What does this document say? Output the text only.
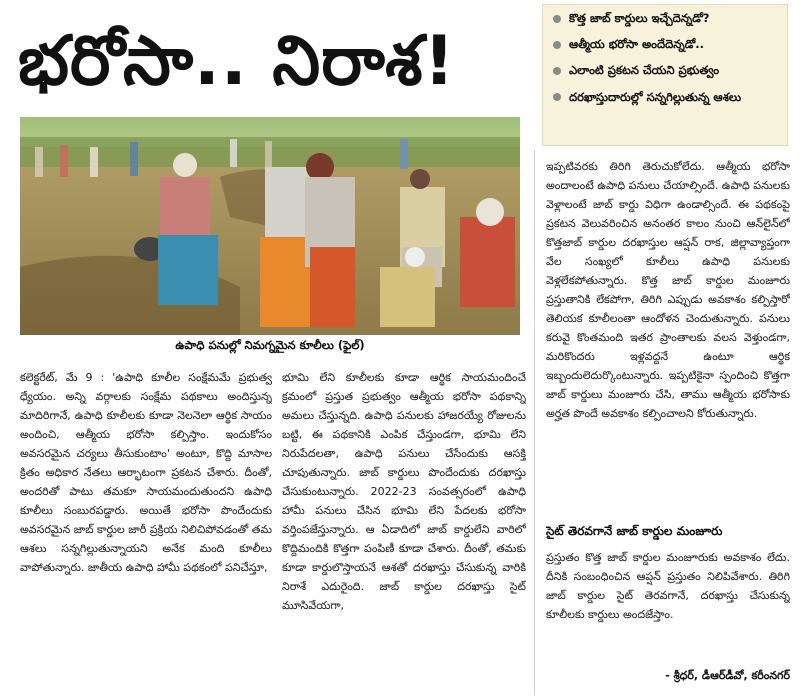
భరోసా.. నిరాశ!
కొత్త జాబ్ కార్డులు ఇచ్చేదెన్నడో?
ఆత్మీయ భరోసా అందేదెన్నడో..
ఎలాంటి ప్రకటన చేయని ప్రభుత్వం
దరఖాస్తుదారుల్లో సన్నగిల్లుతున్న ఆశలు
ఉపాధి పనుల్లో నిమగ్నమైన కూలీలు (ఫైల్)

కలెక్టరేట్, మే 9 : 'ఉపాధి కూలీల సంక్షేమమే ప్రభుత్వ ధ్యేయం. అన్ని వర్గాలకు సంక్షేమ పథకాలు అందిస్తున్న మాదిరిగానే, ఉపాధి కూలీలకు కూడా నెలనెలా ఆర్థిక సాయం అందించి, ఆత్మీయ భరోసా కల్పిస్తాం. ఇందుకోసం అవసరమైన చర్యలు తీసుకుంటాం' అంటూ, కొద్ది మాసాల క్రితం అధికార నేతలు ఆర్భాటంగా ప్రకటన చేశారు. దీంతో, అందరితో పాటు తమకూ సాయమందుతుందని ఉపాధి కూలీలు సంబురపడ్డారు. అయితే భరోసా పొందేందుకు అవసరమైన జాబ్ కార్డుల జారీ ప్రక్రియ నిలిచిపోవడంతో తమ ఆశలు సన్నగిల్లుతున్నాయని అనేక మంది కూలీలు వాపోతున్నారు. జాతీయ ఉపాధి హామీ పథకంలో పనిచేస్తూ,

భూమి లేని కూలీలకు కూడా ఆర్థిక సాయమందించే క్రమంలో ప్రస్తుత ప్రభుత్వం ఆత్మీయ భరోసా పథకాన్ని అమలు చేస్తున్నది. ఉపాధి పనులకు హాజరయ్యే రోజులను బట్టి, ఈ పథకానికి ఎంపిక చేస్తుండగా, భూమి లేని నిరుపేదలతా, ఉపాధి పనులు చేసేందుకు ఆసక్తి చూపుతున్నారు. జాబ్ కార్డులు పొందేందుకు దరఖాస్తు చేసుకుంటున్నారు. 2022-23 సంవత్సరంలో ఉపాధి హామీ పనులు చేసిన భూమి లేని పేదలకు భరోసా వర్తింపజేస్తున్నారు. ఆ ఏడాదిలో జాబ్ కార్డులేని వారిలో కొద్దిమందికి కొత్తగా పంపిణీ కూడా చేశారు. దీంతో, తమకు కూడా కార్డులొస్తాయనే ఆశతో దరఖాస్తు చేసుకున్న వారికి నిరాశే ఎదురైంది. జాబ్ కార్డుల దరఖాస్తు సైట్ మూసివేయగా,

ఇప్పటివరకు తిరిగి తెరుచుకోలేదు. ఆత్మీయ భరోసా అందాలంటే ఉపాధి పనులు చేయాల్సిందే. ఉపాధి పనులకు వెళ్లాలంటే జాబ్ కార్డు విధిగా ఉండాల్సిందే. ఈ పథకంపై ప్రకటన వెలువరించిన అనంతర కాలం నుంచి ఆన్‌లైన్‌లో కొత్తజాబ్ కార్డుల దరఖాస్తుల ఆప్షన్ రాక, జిల్లావ్యాప్తంగా వేల సంఖ్యలో కూలీలు ఉపాధి పనులకు వెళ్లలేకపోతున్నారు. కొత్త జాబ్ కార్డుల మంజూరు ప్రస్తుతానికి లేకపోగా, తిరిగి ఎప్పుడు అవకాశం కల్పిస్తారో తెలియక కూలీలంతా ఆందోళన చెందుతున్నారు. పనులు కరువై కొంతమంది ఇతర ప్రాంతాలకు వలస వెళ్తుండగా, మరికొందరు ఇళ్లవద్దనే ఉంటూ ఆర్థిక ఇబ్బందులెదుర్కొంటున్నారు. ఇప్పటికైనా స్పందించి కొత్తగా జాబ్ కార్డులు మంజూరు చేసి, తాము ఆత్మీయ భరోసాకు అర్హత పొందే అవకాశం కల్పించాలని కోరుతున్నారు.

సైట్ తెరవగానే జాబ్ కార్డుల మంజూరు

ప్రస్తుతం కొత్త జాబ్ కార్డుల మంజూరుకు అవకాశం లేదు. దీనికి సంబంధించిన ఆప్షన్ ప్రస్తుతం నిలిపివేశారు. తిరిగి జాబ్ కార్డుల సైట్ తెరవగానే, దరఖాస్తు చేసుకున్న కూలీలకు కార్డులు అందజేస్తాం.

- శ్రీధర్, డీఆర్‌డీవో, కరీంనగర్
